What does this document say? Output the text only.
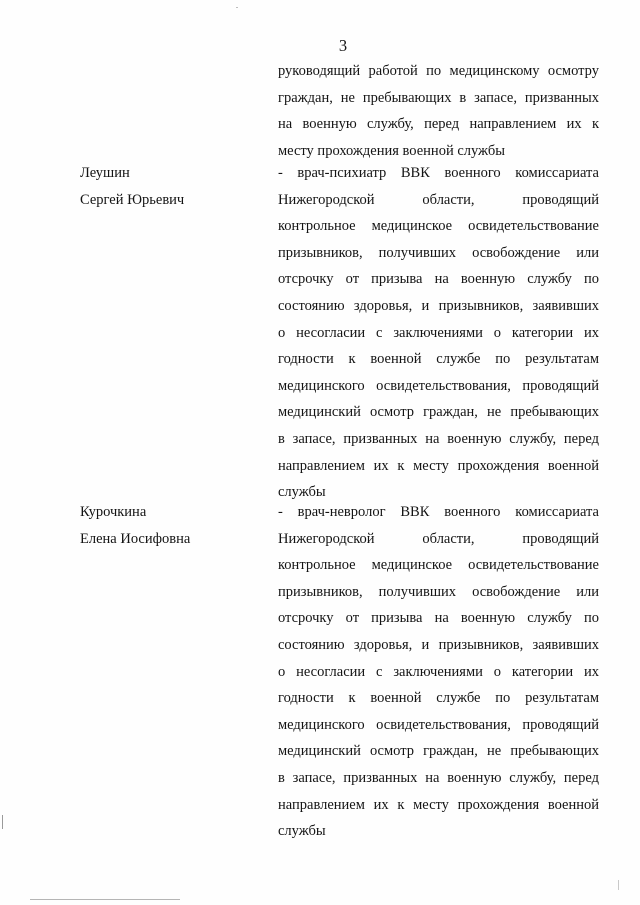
3
руководящий работой по медицинскому осмотру
граждан, не пребывающих в запасе, призванных
на военную службу, перед направлением их к
месту прохождения военной службы
Леушин
Сергей Юрьевич
- врач-психиатр ВВК военного комиссариата
Нижегородской области, проводящий
контрольное медицинское освидетельствование
призывников, получивших освобождение или
отсрочку от призыва на военную службу по
состоянию здоровья, и призывников, заявивших
о несогласии с заключениями о категории их
годности к военной службе по результатам
медицинского освидетельствования, проводящий
медицинский осмотр граждан, не пребывающих
в запасе, призванных на военную службу, перед
направлением их к месту прохождения военной
службы
Курочкина
Елена Иосифовна
- врач-невролог ВВК военного комиссариата
Нижегородской области, проводящий
контрольное медицинское освидетельствование
призывников, получивших освобождение или
отсрочку от призыва на военную службу по
состоянию здоровья, и призывников, заявивших
о несогласии с заключениями о категории их
годности к военной службе по результатам
медицинского освидетельствования, проводящий
медицинский осмотр граждан, не пребывающих
в запасе, призванных на военную службу, перед
направлением их к месту прохождения военной
службы
